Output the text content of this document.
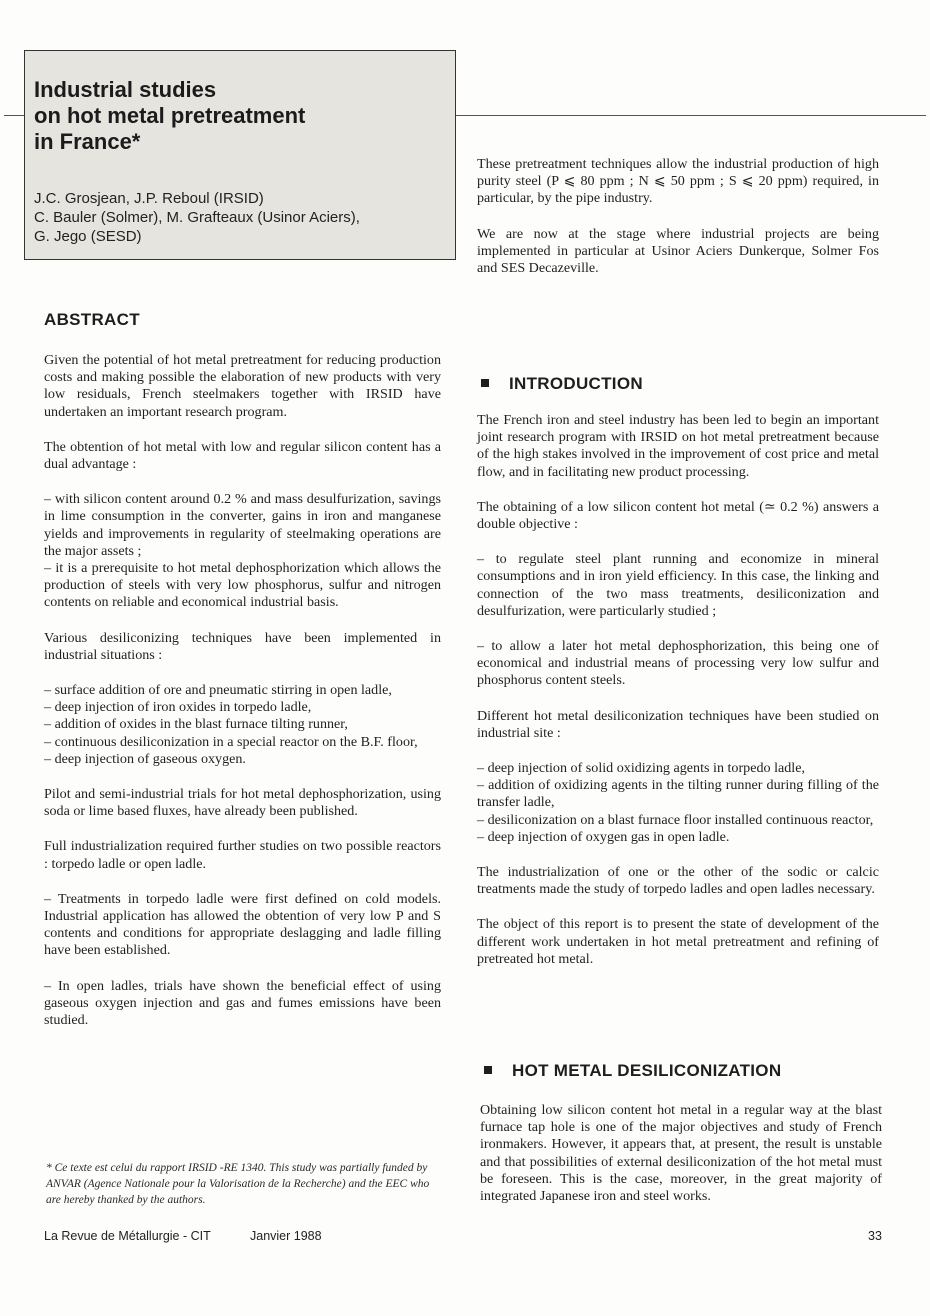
Industrial studies
on hot metal pretreatment
in France*
J.C. Grosjean, J.P. Reboul (IRSID)
C. Bauler (Solmer), M. Grafteaux (Usinor Aciers),
G. Jego (SESD)
ABSTRACT

Given the potential of hot metal pretreatment for reducing production costs and making possible the elaboration of new products with very low residuals, French steelmakers together with IRSID have undertaken an important research program.

The obtention of hot metal with low and regular silicon content has a dual advantage :

– with silicon content around 0.2 % and mass desulfurization, savings in lime consumption in the converter, gains in iron and manganese yields and improvements in regularity of steelmaking operations are the major assets ;

– it is a prerequisite to hot metal dephosphorization which allows the production of steels with very low phosphorus, sulfur and nitrogen contents on reliable and economical industrial basis.

Various desiliconizing techniques have been implemented in industrial situations :

– surface addition of ore and pneumatic stirring in open ladle,

– deep injection of iron oxides in torpedo ladle,

– addition of oxides in the blast furnace tilting runner,

– continuous desiliconization in a special reactor on the B.F. floor,

– deep injection of gaseous oxygen.

Pilot and semi-industrial trials for hot metal dephosphorization, using soda or lime based fluxes, have already been published.

Full industrialization required further studies on two possible reactors : torpedo ladle or open ladle.

– Treatments in torpedo ladle were first defined on cold models. Industrial application has allowed the obtention of very low P and S contents and conditions for appropriate deslagging and ladle filling have been established.

– In open ladles, trials have shown the beneficial effect of using gaseous oxygen injection and gas and fumes emissions have been studied.

* Ce texte est celui du rapport IRSID -RE 1340. This study was partially funded by ANVAR (Agence Nationale pour la Valorisation de la Recherche) and the EEC who are hereby thanked by the authors.

These pretreatment techniques allow the industrial production of high purity steel (P ⩽ 80 ppm ; N ⩽ 50 ppm ; S ⩽ 20 ppm) required, in particular, by the pipe industry.

We are now at the stage where industrial projects are being implemented in particular at Usinor Aciers Dunkerque, Solmer Fos and SES Decazeville.

INTRODUCTION

The French iron and steel industry has been led to begin an important joint research program with IRSID on hot metal pretreatment because of the high stakes involved in the improvement of cost price and metal flow, and in facilitating new product processing.

The obtaining of a low silicon content hot metal (≃ 0.2 %) answers a double objective :

– to regulate steel plant running and economize in mineral consumptions and in iron yield efficiency. In this case, the linking and connection of the two mass treatments, desiliconization and desulfurization, were particularly studied ;

– to allow a later hot metal dephosphorization, this being one of economical and industrial means of processing very low sulfur and phosphorus content steels.

Different hot metal desiliconization techniques have been studied on industrial site :

– deep injection of solid oxidizing agents in torpedo ladle,

– addition of oxidizing agents in the tilting runner during filling of the transfer ladle,

– desiliconization on a blast furnace floor installed continuous reactor,

– deep injection of oxygen gas in open ladle.

The industrialization of one or the other of the sodic or calcic treatments made the study of torpedo ladles and open ladles necessary.

The object of this report is to present the state of development of the different work undertaken in hot metal pretreatment and refining of pretreated hot metal.

HOT METAL DESILICONIZATION

Obtaining low silicon content hot metal in a regular way at the blast furnace tap hole is one of the major objectives and study of French ironmakers. However, it appears that, at present, the result is unstable and that possibilities of external desiliconization of the hot metal must be foreseen. This is the case, moreover, in the great majority of integrated Japanese iron and steel works.

La Revue de Métallurgie - CIT	Janvier 1988	33
